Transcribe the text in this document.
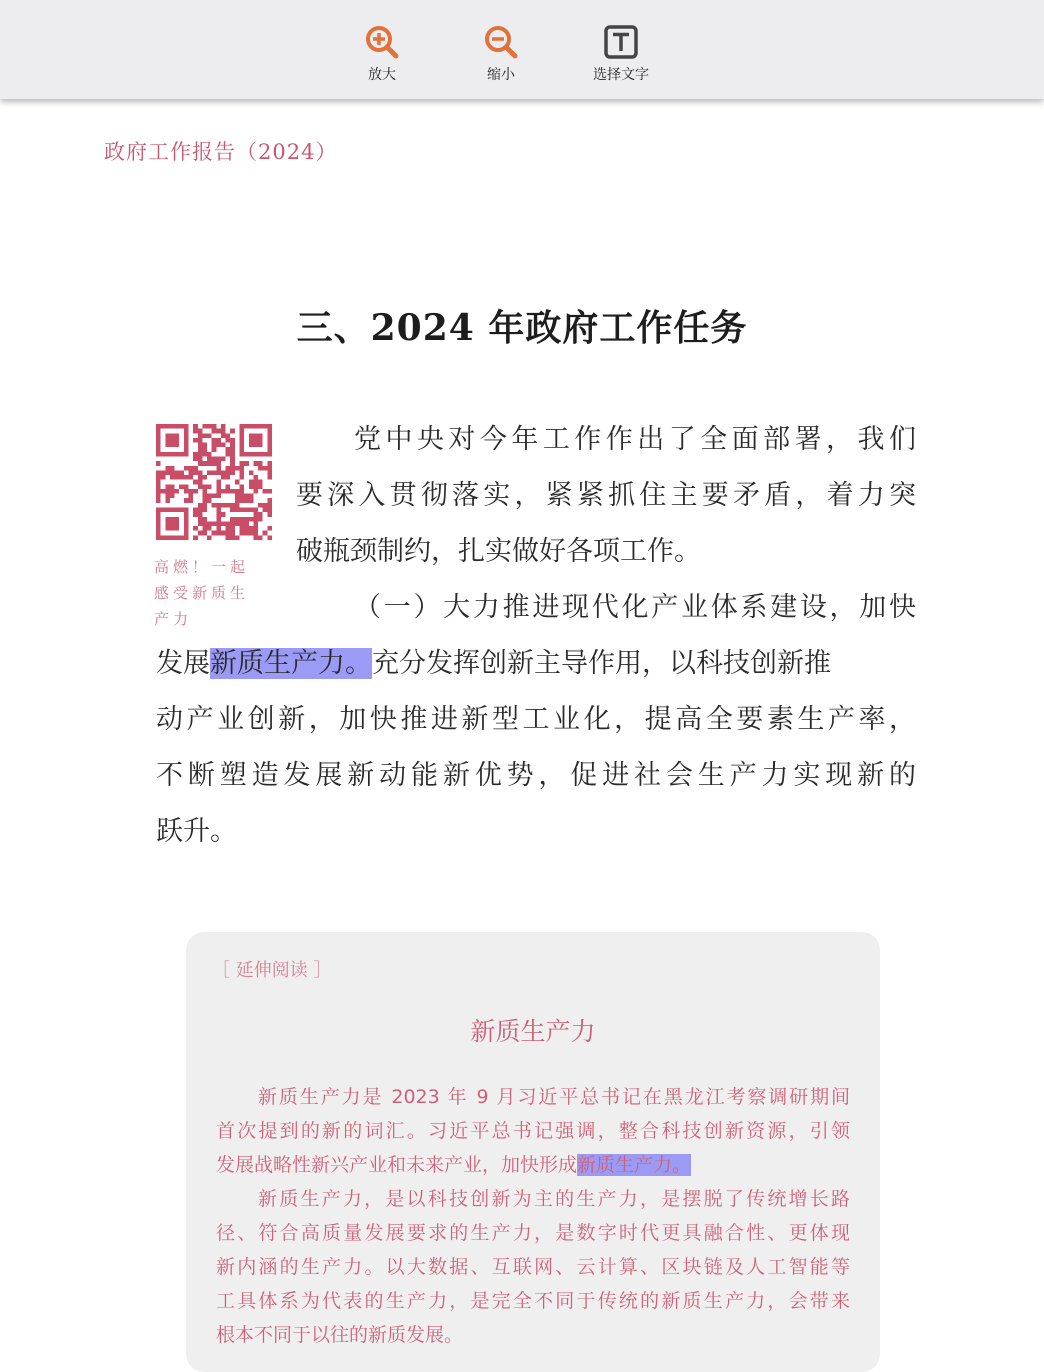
放大	缩小	选择文字
政府工作报告（2024）
三、2024 年政府工作任务
高燃！一起
感受新质生
产力
党中央对今年工作作出了全面部署，我们
要深入贯彻落实，紧紧抓住主要矛盾，着力突
破瓶颈制约，扎实做好各项工作。
（一）大力推进现代化产业体系建设，加快
发展新质生产力。充分发挥创新主导作用，以科技创新推
动产业创新，加快推进新型工业化，提高全要素生产率，
不断塑造发展新动能新优势，促进社会生产力实现新的
跃升。
［ 延伸阅读 ］
新质生产力
新质生产力是 2023 年 9 月习近平总书记在黑龙江考察调研期间
首次提到的新的词汇。习近平总书记强调，整合科技创新资源，引领
发展战略性新兴产业和未来产业，加快形成新质生产力。
新质生产力，是以科技创新为主的生产力，是摆脱了传统增长路
径、符合高质量发展要求的生产力，是数字时代更具融合性、更体现
新内涵的生产力。以大数据、互联网、云计算、区块链及人工智能等
工具体系为代表的生产力，是完全不同于传统的新质生产力，会带来
根本不同于以往的新质发展。
